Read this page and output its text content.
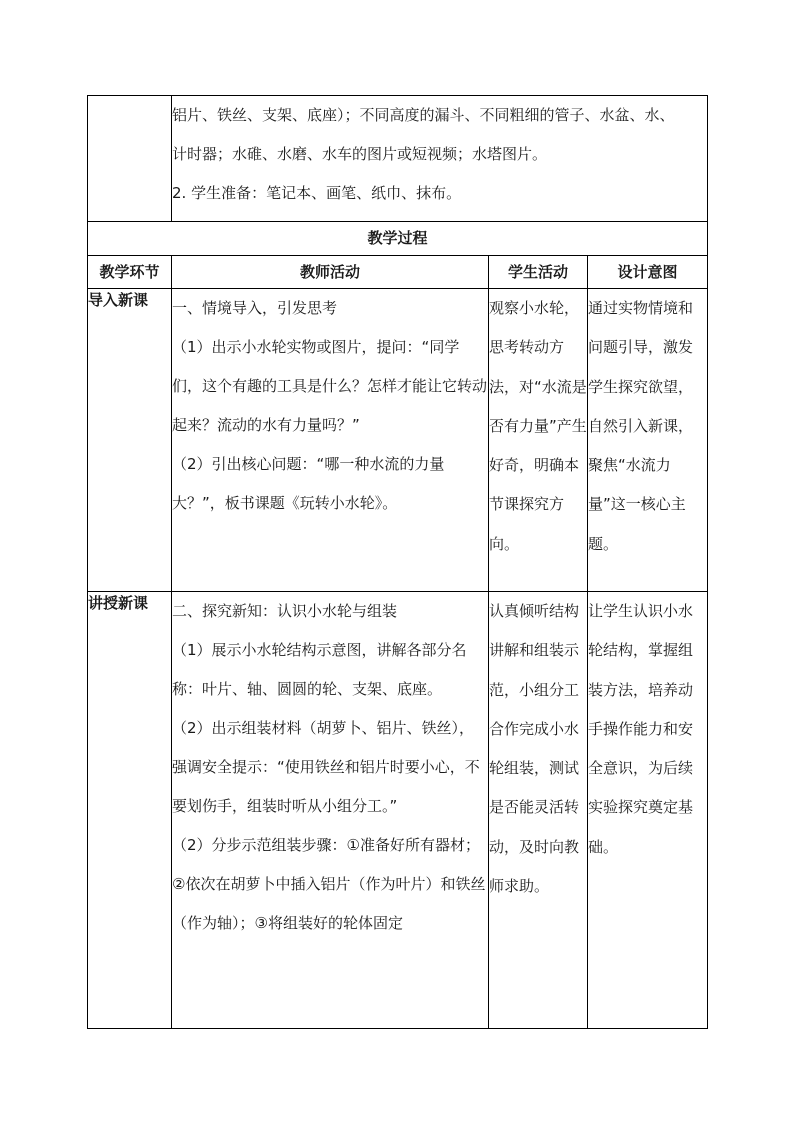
	铝片、铁丝、支架、底座）；不同高度的漏斗、不同粗细的管子、水盆、水、
计时器；水碓、水磨、水车的图片或短视频；水塔图片。
2. 学生准备：笔记本、画笔、纸巾、抹布。		

教学过程			
教学环节	教师活动	学生活动	设计意图
导入新课	一、情境导入，引发思考
（1）出示小水轮实物或图片，提问：“同学们，这个有趣的工具是什么？怎样才能让它转动起来？流动的水有力量吗？”
（2）引出核心问题：“哪一种水流的力量大？”，板书课题《玩转小水轮》。	观察小水轮，思考转动方法，对“水流是否有力量”产生好奇，明确本节课探究方向。	通过实物情境和问题引导，激发学生探究欲望，自然引入新课，聚焦“水流力量”这一核心主题。
讲授新课	二、探究新知：认识小水轮与组装
（1）展示小水轮结构示意图，讲解各部分名称：叶片、轴、圆圆的轮、支架、底座。
（2）出示组装材料（胡萝卜、铝片、铁丝），强调安全提示：“使用铁丝和铝片时要小心，不要划伤手，组装时听从小组分工。”
（2）分步示范组装步骤：①准备好所有器材；②依次在胡萝卜中插入铝片（作为叶片）和铁丝（作为轴）；③将组装好的轮体固定	认真倾听结构讲解和组装示范，小组分工合作完成小水轮组装，测试是否能灵活转动，及时向教师求助。	让学生认识小水轮结构，掌握组装方法，培养动手操作能力和安全意识，为后续实验探究奠定基础。
